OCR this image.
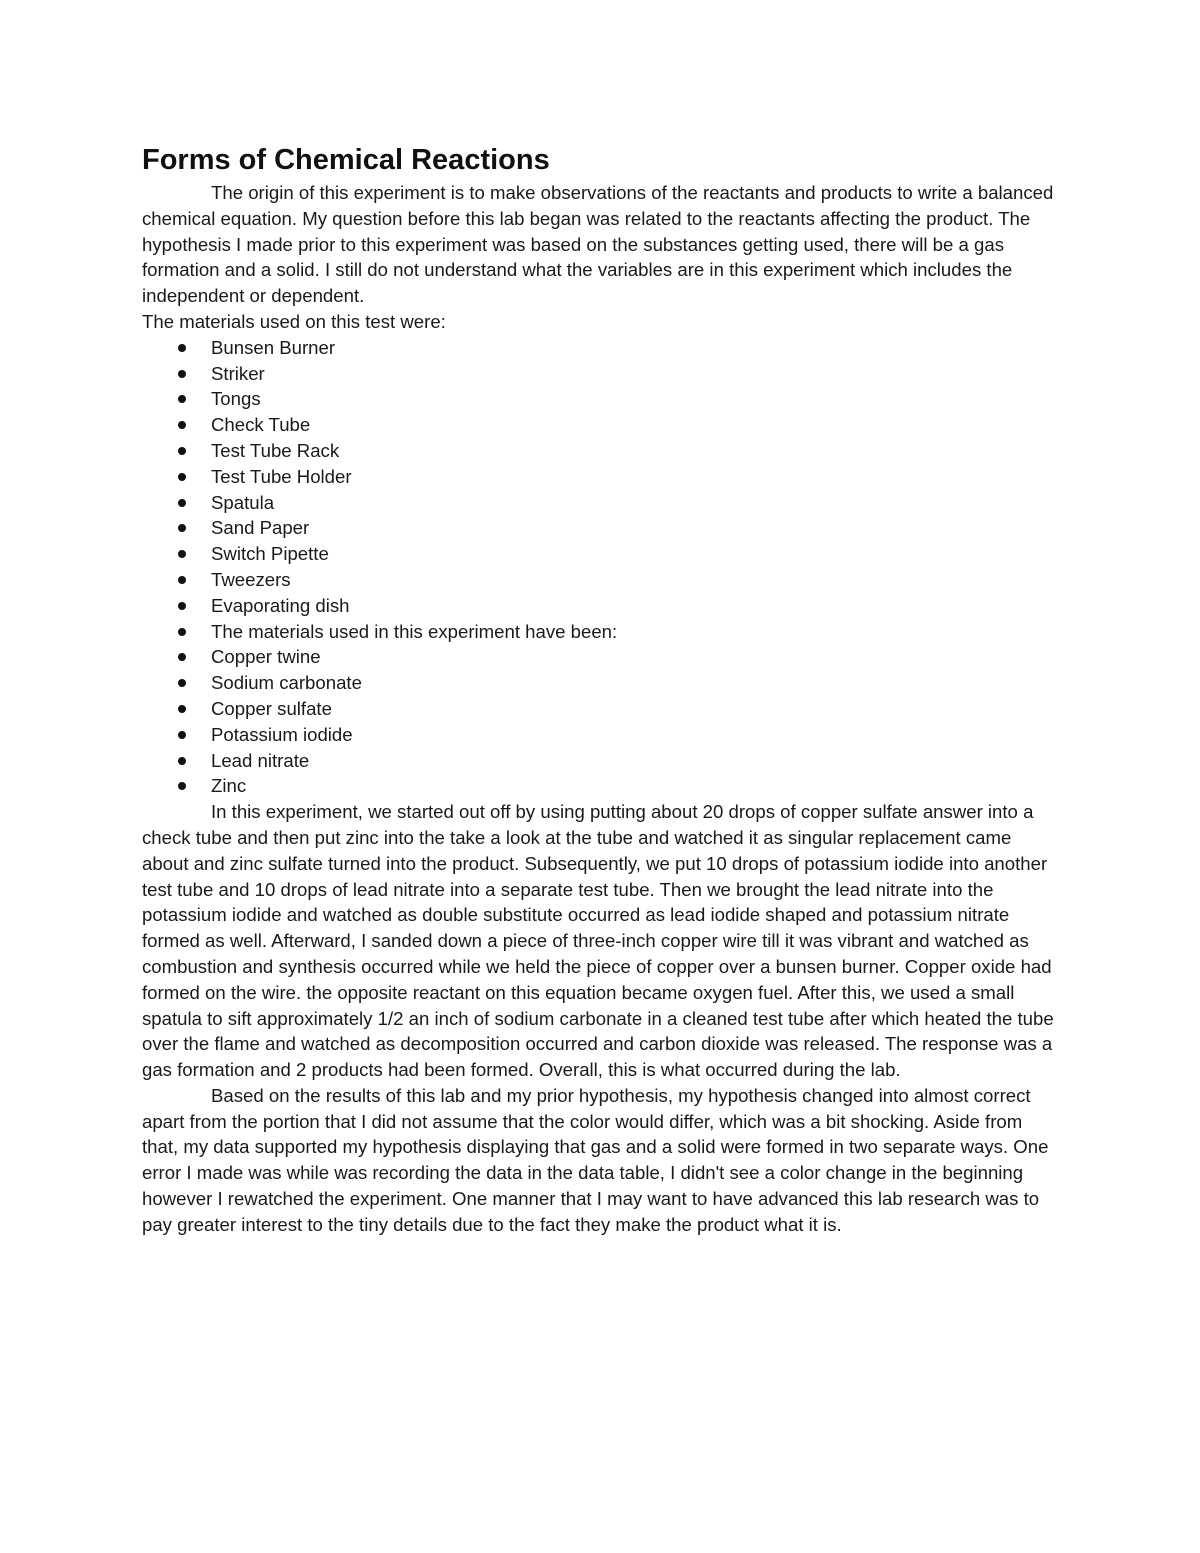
Forms of Chemical Reactions

The origin of this experiment is to make observations of the reactants and products to write a balanced chemical equation. My question before this lab began was related to the reactants affecting the product. The hypothesis I made prior to this experiment was based on the substances getting used, there will be a gas formation and a solid. I still do not understand what the variables are in this experiment which includes the independent or dependent.

The materials used on this test were:

Bunsen Burner
Striker
Tongs
Check Tube
Test Tube Rack
Test Tube Holder
Spatula
Sand Paper
Switch Pipette
Tweezers
Evaporating dish
The materials used in this experiment have been:
Copper twine
Sodium carbonate
Copper sulfate
Potassium iodide
Lead nitrate
Zinc

In this experiment, we started out off by using putting about 20 drops of copper sulfate answer into a check tube and then put zinc into the take a look at the tube and watched it as singular replacement came about and zinc sulfate turned into the product. Subsequently, we put 10 drops of potassium iodide into another test tube and 10 drops of lead nitrate into a separate test tube. Then we brought the lead nitrate into the potassium iodide and watched as double substitute occurred as lead iodide shaped and potassium nitrate formed as well. Afterward, I sanded down a piece of three-inch copper wire till it was vibrant and watched as combustion and synthesis occurred while we held the piece of copper over a bunsen burner. Copper oxide had formed on the wire. the opposite reactant on this equation became oxygen fuel. After this, we used a small spatula to sift approximately 1/2 an inch of sodium carbonate in a cleaned test tube after which heated the tube over the flame and watched as decomposition occurred and carbon dioxide was released. The response was a gas formation and 2 products had been formed. Overall, this is what occurred during the lab.

Based on the results of this lab and my prior hypothesis, my hypothesis changed into almost correct apart from the portion that I did not assume that the color would differ, which was a bit shocking. Aside from that, my data supported my hypothesis displaying that gas and a solid were formed in two separate ways. One error I made was while was recording the data in the data table, I didn't see a color change in the beginning however I rewatched the experiment. One manner that I may want to have advanced this lab research was to pay greater interest to the tiny details due to the fact they make the product what it is.
